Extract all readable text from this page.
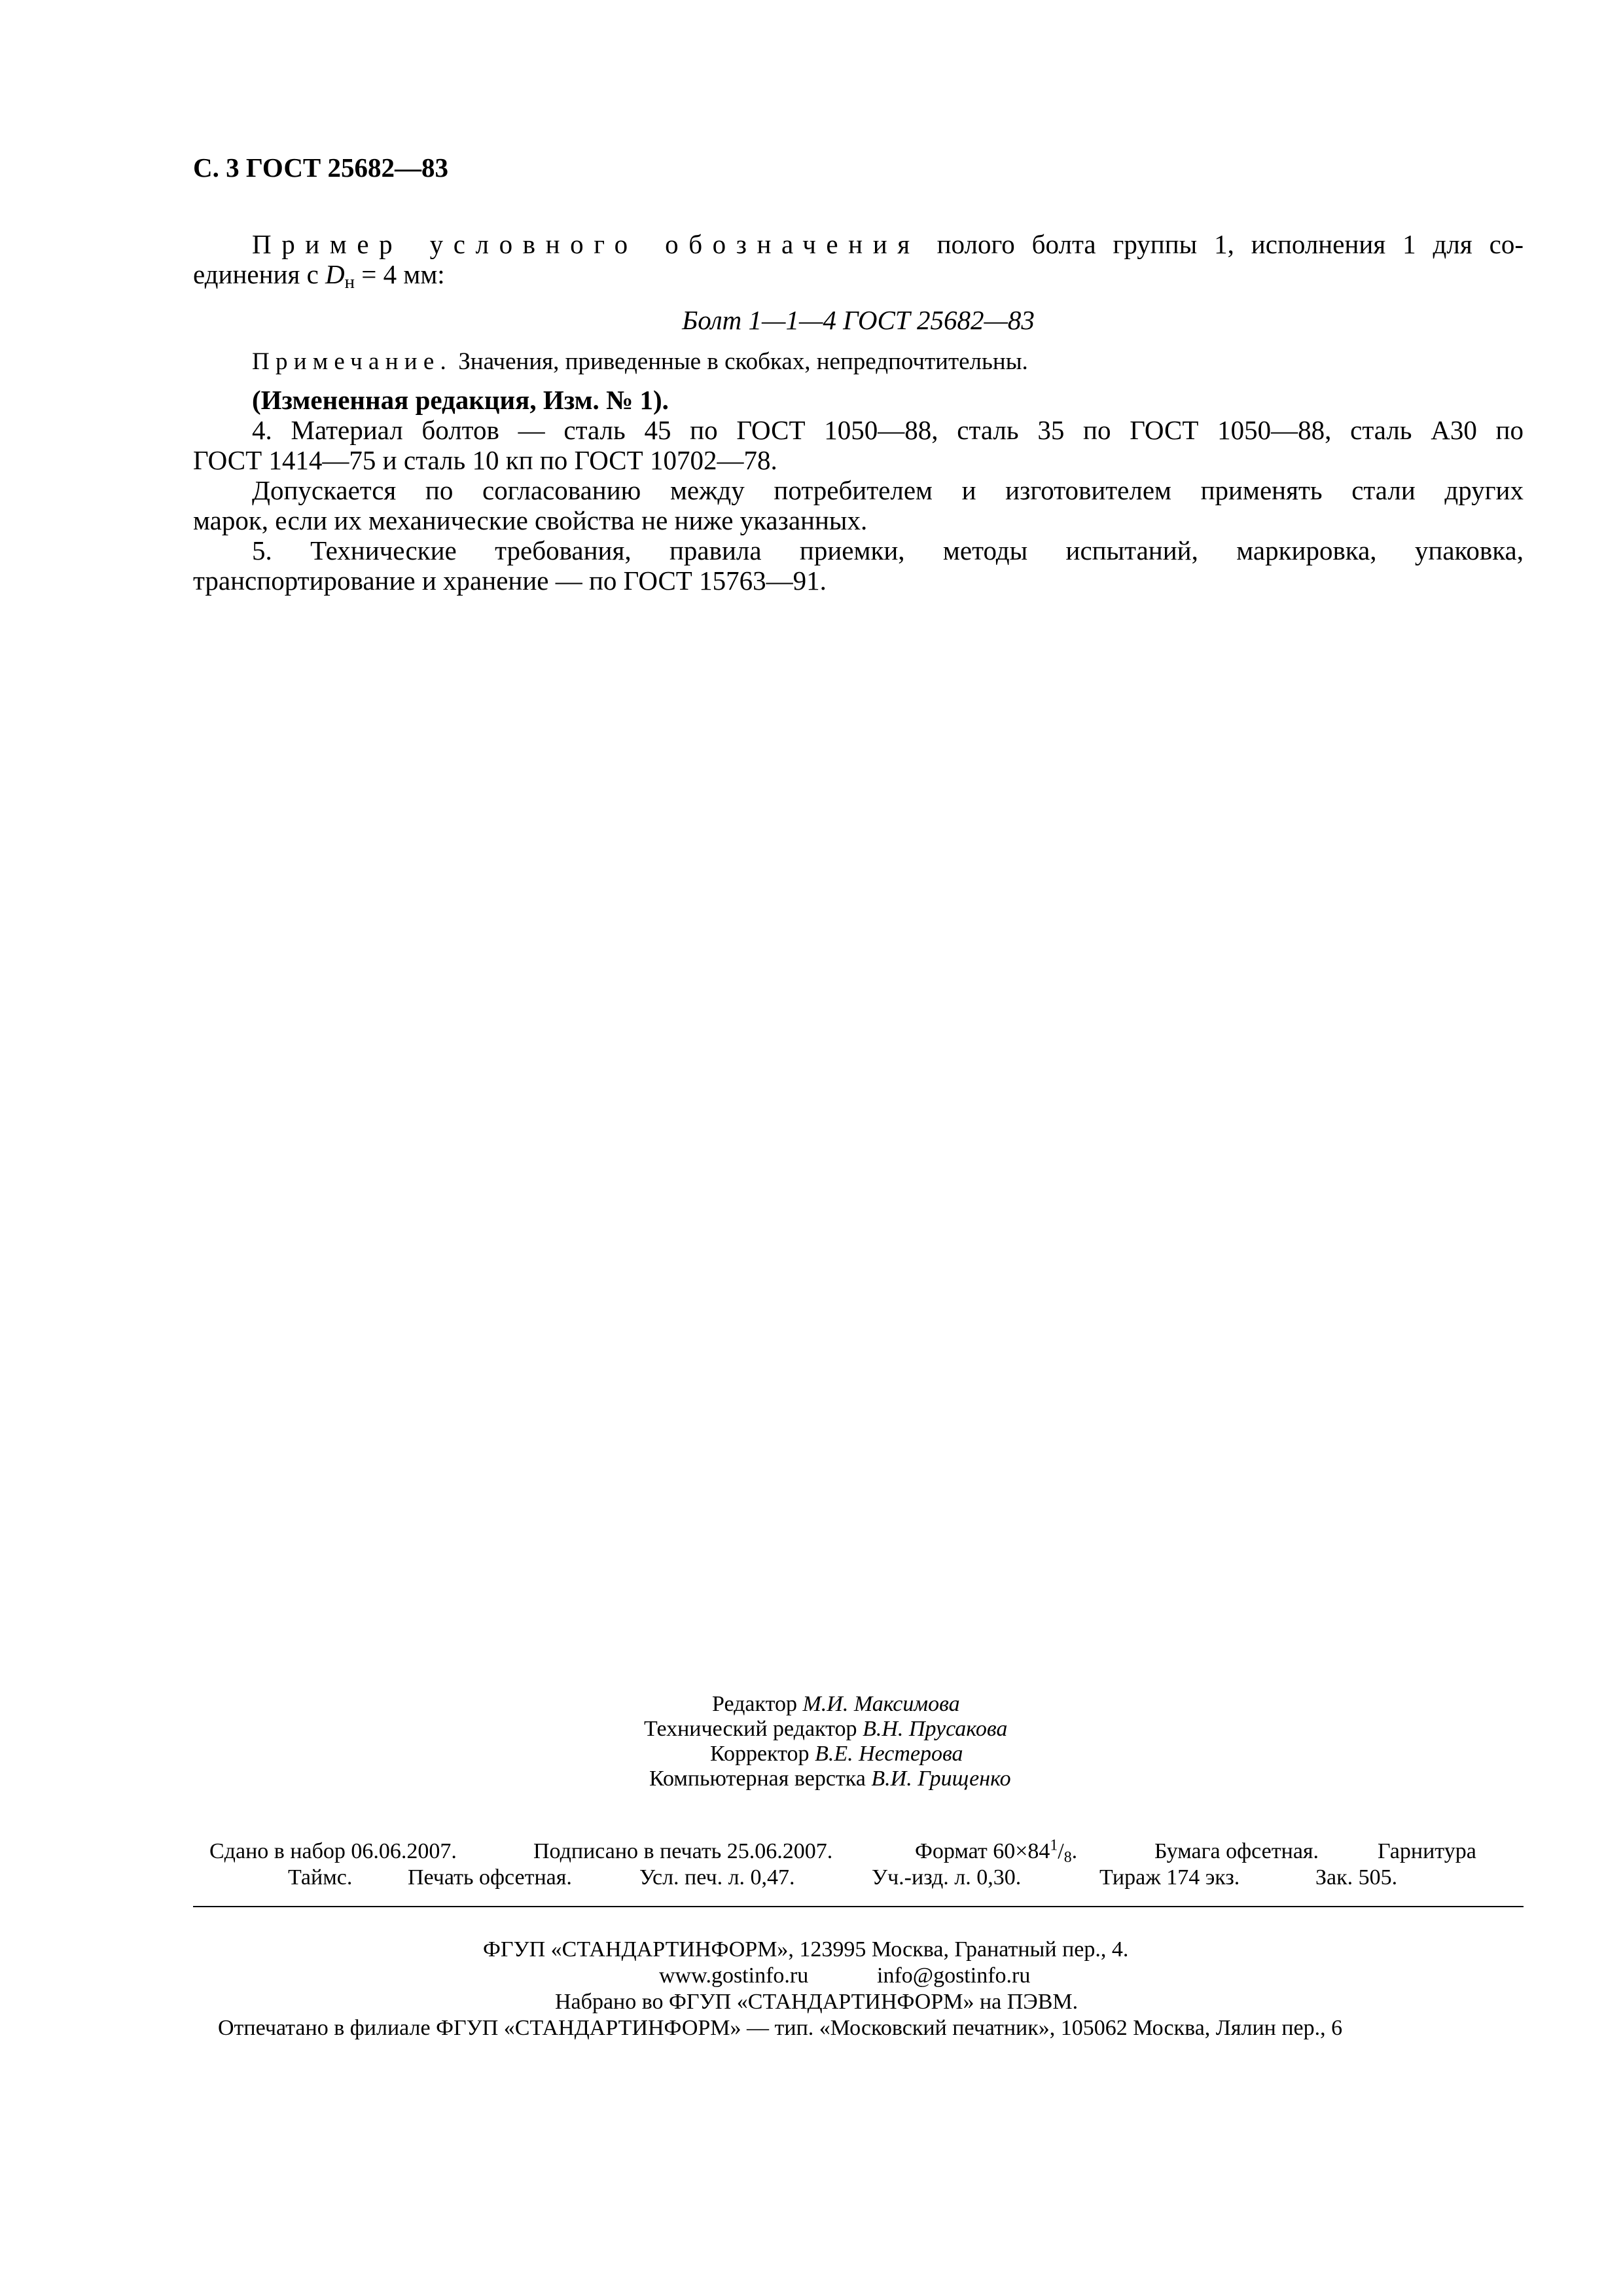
С. 3 ГОСТ 25682—83
Пример условного обозначения полого болта группы 1, исполнения 1 для со-
единения с $D_н = 4$ мм:
Болт 1—1—4 ГОСТ 25682—83
Примечание. Значения, приведенные в скобках, непредпочтительны.
(Измененная редакция, Изм. № 1).
4. Материал болтов — сталь 45 по ГОСТ 1050—88, сталь 35 по ГОСТ 1050—88, сталь А30 по
ГОСТ 1414—75 и сталь 10 кп по ГОСТ 10702—78.
Допускается по согласованию между потребителем и изготовителем применять стали других
марок, если их механические свойства не ниже указанных.
5. Технические требования, правила приемки, методы испытаний, маркировка, упаковка,
транспортирование и хранение — по ГОСТ 15763—91.
Редактор М.И. Максимова
Технический редактор В.Н. Прусакова
Корректор В.Е. Нестерова
Компьютерная верстка В.И. Грищенко
Сдано в набор 06.06.2007.	Подписано в печать 25.06.2007.	Формат $60\times 84^1/_8$.	Бумага офсетная.	Гарнитура
Таймс. Печать офсетная.	Усл. печ. л. 0,47.	Уч.-изд. л. 0,30.	Тираж 174 экз.	Зак. 505.
ФГУП «СТАНДАРТИНФОРМ», 123995 Москва, Гранатный пер., 4.
www.gostinfo.ru	info@gostinfo.ru
Набрано во ФГУП «СТАНДАРТИНФОРМ» на ПЭВМ.
Отпечатано в филиале ФГУП «СТАНДАРТИНФОРМ» — тип. «Московский печатник», 105062 Москва, Лялин пер., 6
